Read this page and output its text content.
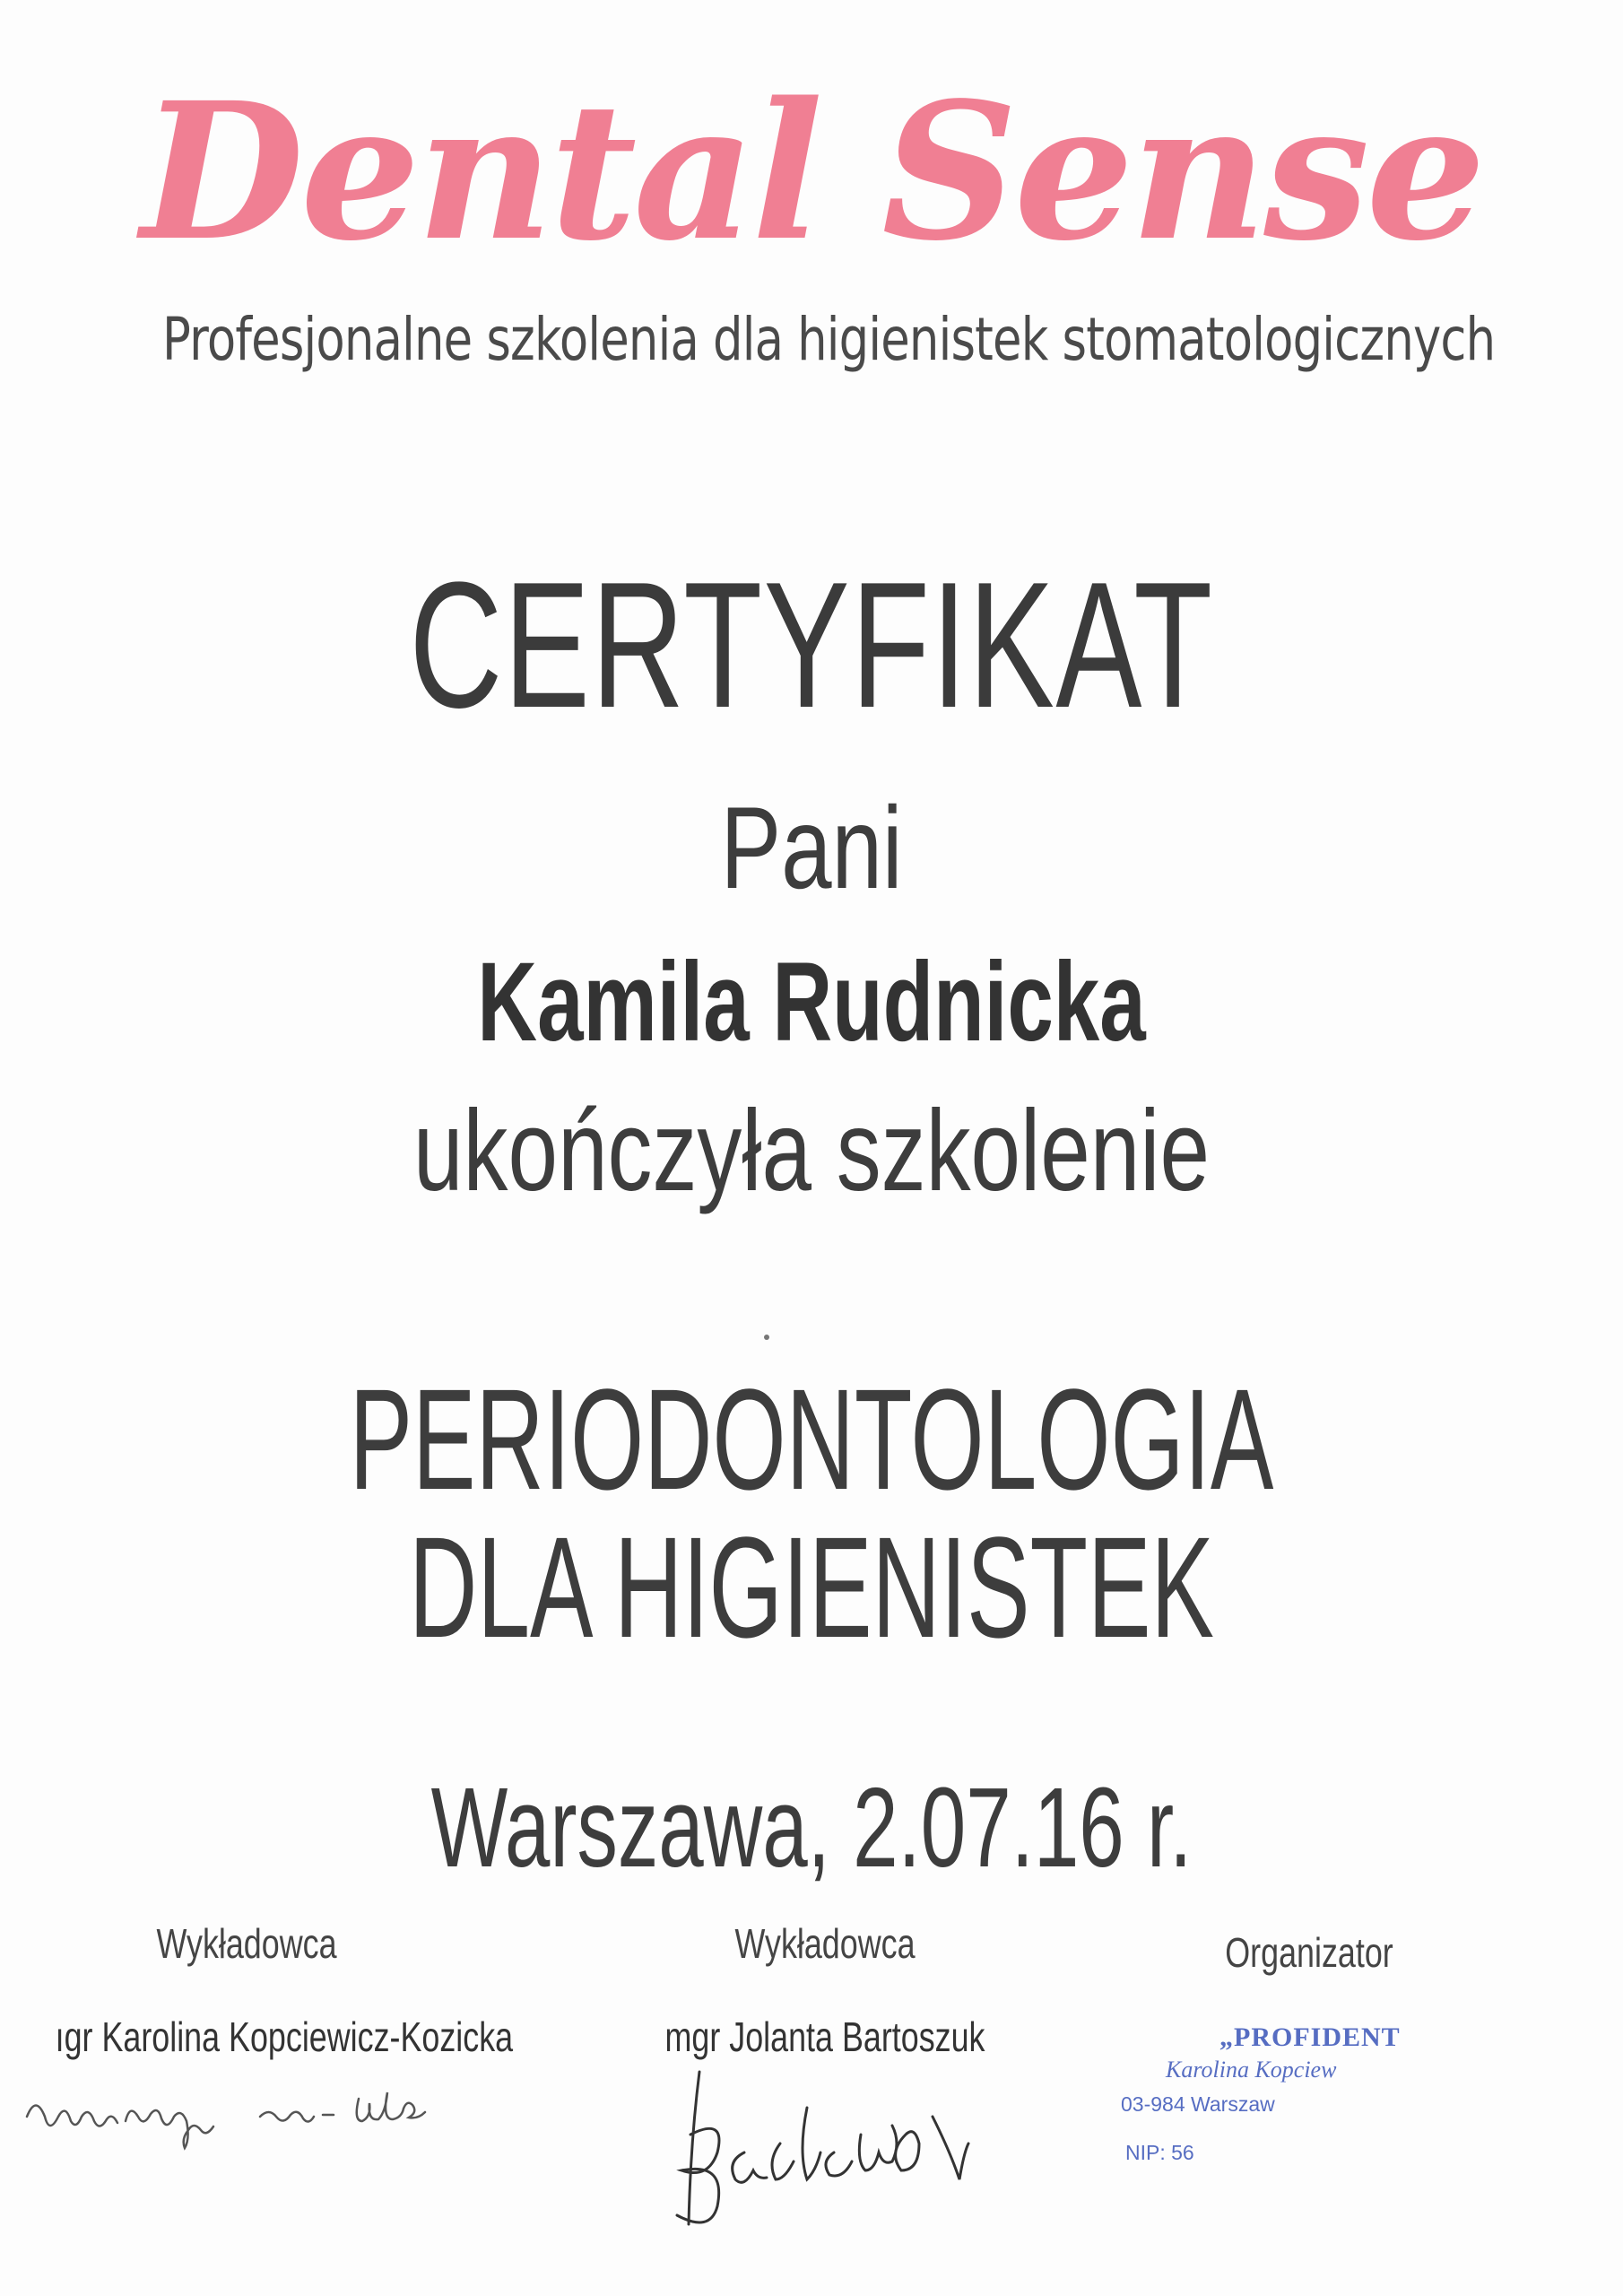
Dental Sense
Profesjonalne szkolenia dla higienistek stomatologicznych
CERTYFIKAT
Pani
Kamila Rudnicka
ukończyła szkolenie
PERIODONTOLOGIA
DLA HIGIENISTEK
Warszawa, 2.07.16 r.
Wykładowca
ıgr Karolina Kopciewicz-Kozicka
Wykładowca
mgr Jolanta Bartoszuk
Organizator
„PROFIDENT
Karolina Kopciew
03-984 Warszaw
NIP: 56
